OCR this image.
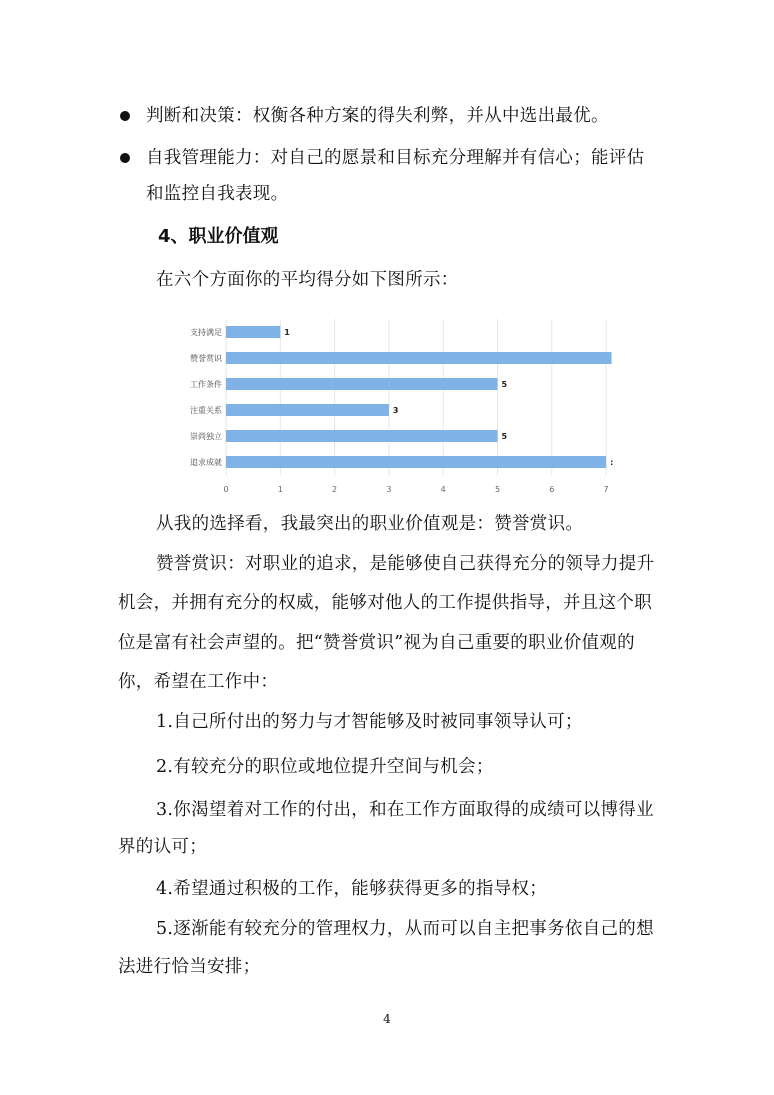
判断和决策：权衡各种方案的得失利弊，并从中选出最优。
自我管理能力：对自己的愿景和目标充分理解并有信心；能评估
和监控自我表现。
4、职业价值观
在六个方面你的平均得分如下图所示：
0	1	2	3	4	5	6	7
支持满足	1
赞誉赏识
工作条件	5
注重关系	3
崇尚独立	5
追求成就	:
从我的选择看，我最突出的职业价值观是：赞誉赏识。
赞誉赏识：对职业的追求，是能够使自己获得充分的领导力提升
机会，并拥有充分的权威，能够对他人的工作提供指导，并且这个职
位是富有社会声望的。把“赞誉赏识”视为自己重要的职业价值观的
你，希望在工作中：
1.自己所付出的努力与才智能够及时被同事领导认可；
2.有较充分的职位或地位提升空间与机会；
3.你渴望着对工作的付出，和在工作方面取得的成绩可以博得业
界的认可；
4.希望通过积极的工作，能够获得更多的指导权；
5.逐渐能有较充分的管理权力，从而可以自主把事务依自己的想
法进行恰当安排；
4
